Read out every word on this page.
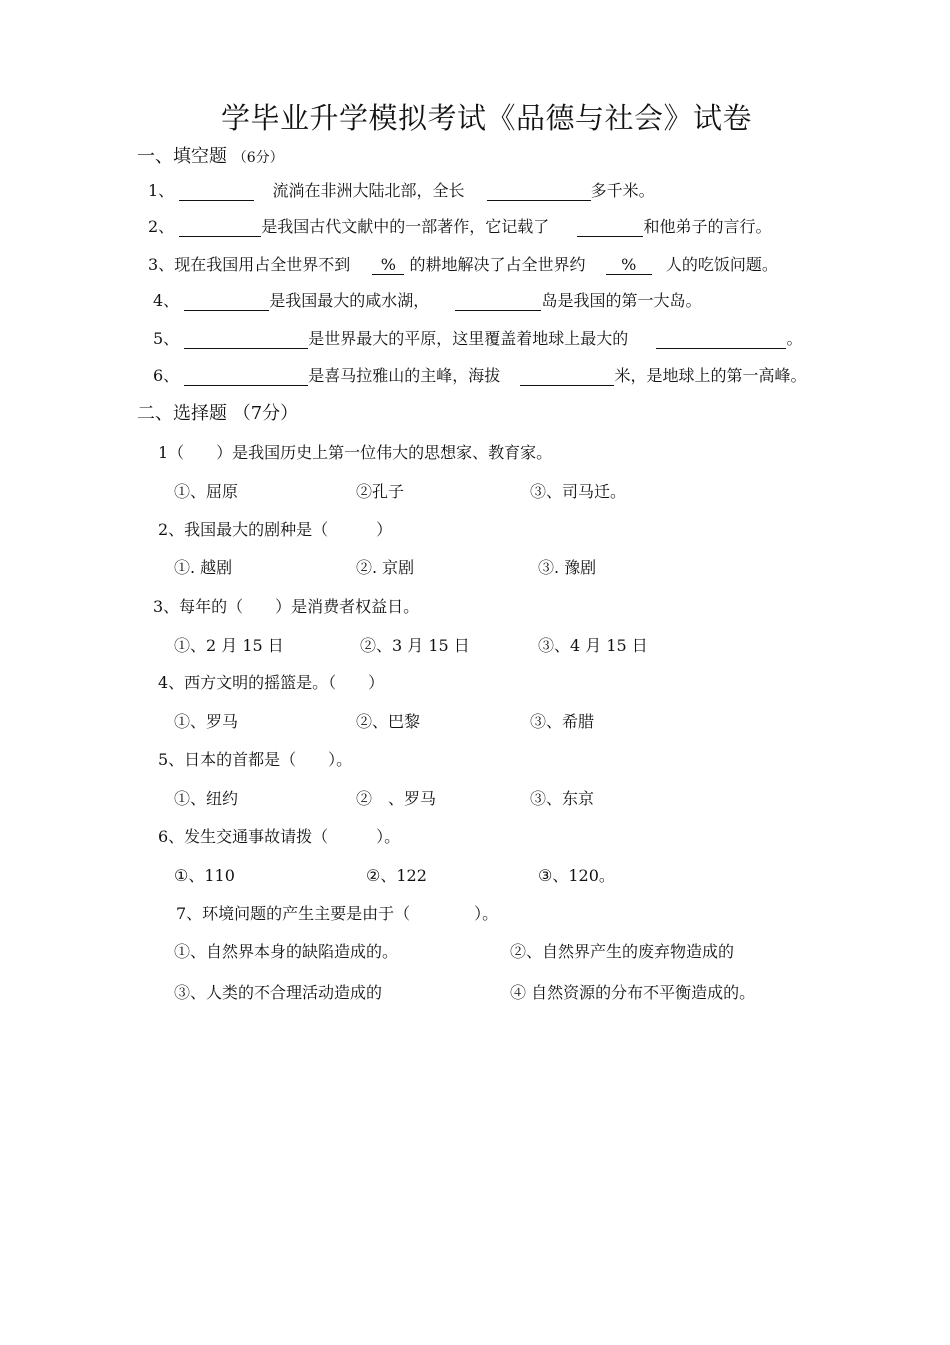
学毕业升学模拟考试《品德与社会》试卷
一、填空题 （6分）
1、	流淌在非洲大陆北部，全长	多千米。
2、	是我国古代文献中的一部著作，它记载了	和他弟子的言行。
3、现在我国用占全世界不到 % 的耕地解决了占全世界约 % 人的吃饭问题。
4、	是我国最大的咸水湖，	岛是我国的第一大岛。
5、	是世界最大的平原，这里覆盖着地球上最大的	。
6、	是喜马拉雅山的主峰，海拔	米，是地球上的第一高峰。
二、选择题 （7分）
1（　　）是我国历史上第一位伟大的思想家、教育家。
①、屈原	②孔子	③、司马迁。
2、我国最大的剧种是（　　　）
①. 越剧	②. 京剧	③. 豫剧
3、每年的（　　）是消费者权益日。
①、2 月 15 日	②、3 月 15 日	③、4 月 15 日
4、西方文明的摇篮是。（　　）
①、罗马	②、巴黎	③、希腊
5、日本的首都是（　　）。
①、纽约	②　、罗马	③、东京
6、发生交通事故请拨（　　　）。
①、110	②、122	③、120。
7、环境问题的产生主要是由于（　　　　）。
①、自然界本身的缺陷造成的。	②、自然界产生的废弃物造成的
③、人类的不合理活动造成的	④ 自然资源的分布不平衡造成的。
